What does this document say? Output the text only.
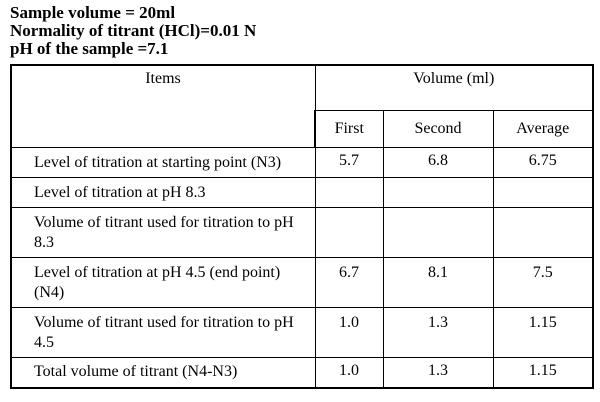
Sample volume = 20ml
Normality of titrant (HCl)=0.01 N
pH of the sample =7.1
Items	Volume (ml)		
	First	Second	Average
Level of titration at starting point (N3)	5.7	6.8	6.75
Level of titration at pH 8.3			
Volume of titrant used for titration to pH 8.3			
Level of titration at pH 4.5 (end point) (N4)	6.7	8.1	7.5
Volume of titrant used for titration to pH 4.5	1.0	1.3	1.15
Total volume of titrant (N4-N3)	1.0	1.3	1.15
